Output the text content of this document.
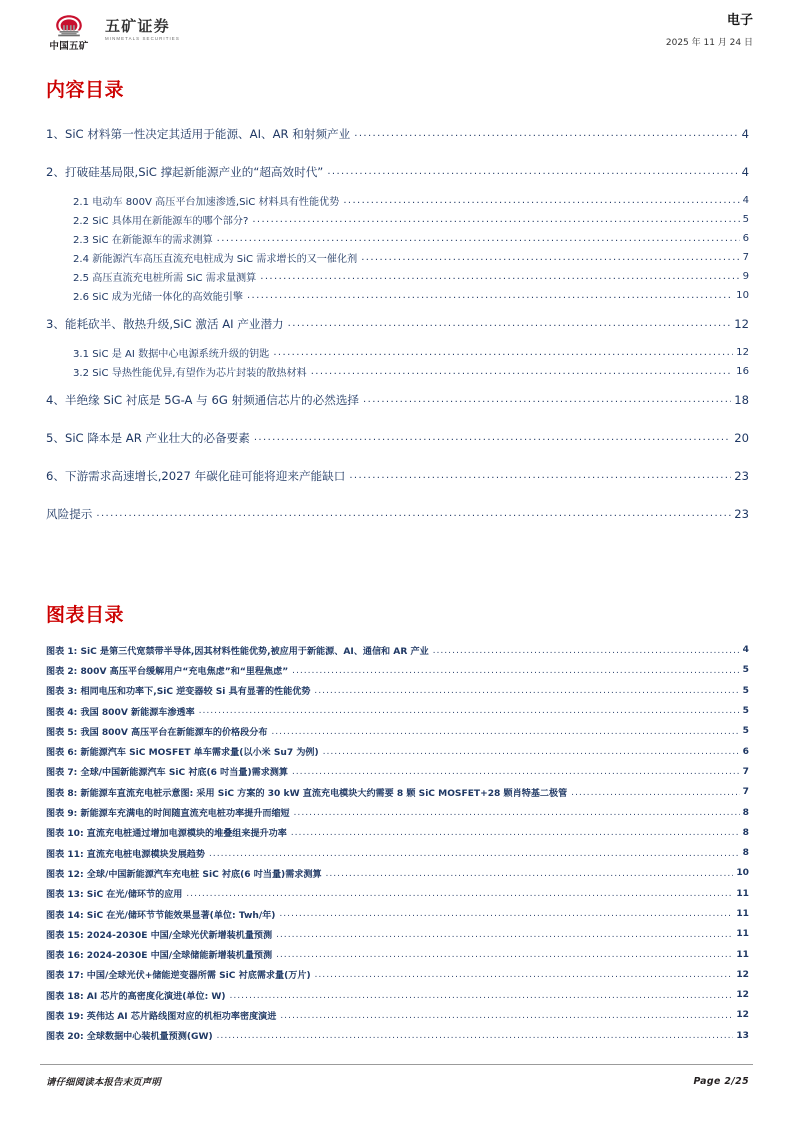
中国五矿
五矿证券
MINMETALS SECURITIES
电子
2025 年 11 月 24 日
内容目录
1、SiC 材料第一性决定其适用于能源、AI、AR 和射频产业 .....	4
2、打破硅基局限,SiC 撑起新能源产业的“超高效时代” .....	4
2.1 电动车 800V 高压平台加速渗透,SiC 材料具有性能优势 .....	4
2.2 SiC 具体用在新能源车的哪个部分? .....	5
2.3 SiC 在新能源车的需求测算 .....	6
2.4 新能源汽车高压直流充电桩成为 SiC 需求增长的又一催化剂 .....	7
2.5 高压直流充电桩所需 SiC 需求量测算 .....	9
2.6 SiC 成为光储一体化的高效能引擎 .....	10
3、能耗砍半、散热升级,SiC 激活 AI 产业潜力 .....	12
3.1 SiC 是 AI 数据中心电源系统升级的钥匙 .....	12
3.2 SiC 导热性能优异,有望作为芯片封装的散热材料 .....	16
4、半绝缘 SiC 衬底是 5G-A 与 6G 射频通信芯片的必然选择 .....	18
5、SiC 降本是 AR 产业壮大的必备要素 .....	20
6、下游需求高速增长,2027 年碳化硅可能将迎来产能缺口 .....	23
风险提示 .....	23
图表目录
图表 1: SiC 是第三代宽禁带半导体,因其材料性能优势,被应用于新能源、AI、通信和 AR 产业 .....	4
图表 2: 800V 高压平台缓解用户“充电焦虑”和“里程焦虑” .....	5
图表 3: 相同电压和功率下,SiC 逆变器较 Si 具有显著的性能优势 .....	5
图表 4: 我国 800V 新能源车渗透率 .....	5
图表 5: 我国 800V 高压平台在新能源车的价格段分布 .....	5
图表 6: 新能源汽车 SiC MOSFET 单车需求量(以小米 Su7 为例) .....	6
图表 7: 全球/中国新能源汽车 SiC 衬底(6 吋当量)需求测算 .....	7
图表 8: 新能源车直流充电桩示意图: 采用 SiC 方案的 30 kW 直流充电模块大约需要 8 颗 SiC MOSFET+28 颗肖特基二极管 .....	7
图表 9: 新能源车充满电的时间随直流充电桩功率提升而缩短 .....	8
图表 10: 直流充电桩通过增加电源模块的堆叠组来提升功率 .....	8
图表 11: 直流充电桩电源模块发展趋势 .....	8
图表 12: 全球/中国新能源汽车充电桩 SiC 衬底(6 吋当量)需求测算 .....	10
图表 13: SiC 在光/储环节的应用 .....	11
图表 14: SiC 在光/储环节节能效果显著(单位: Twh/年) .....	11
图表 15: 2024-2030E 中国/全球光伏新增装机量预测 .....	11
图表 16: 2024-2030E 中国/全球储能新增装机量预测 .....	11
图表 17: 中国/全球光伏+储能逆变器所需 SiC 衬底需求量(万片) .....	12
图表 18: AI 芯片的高密度化演进(单位: W) .....	12
图表 19: 英伟达 AI 芯片路线图对应的机柜功率密度演进 .....	12
图表 20: 全球数据中心装机量预测(GW) .....	13
请仔细阅读本报告末页声明	Page 2/25
